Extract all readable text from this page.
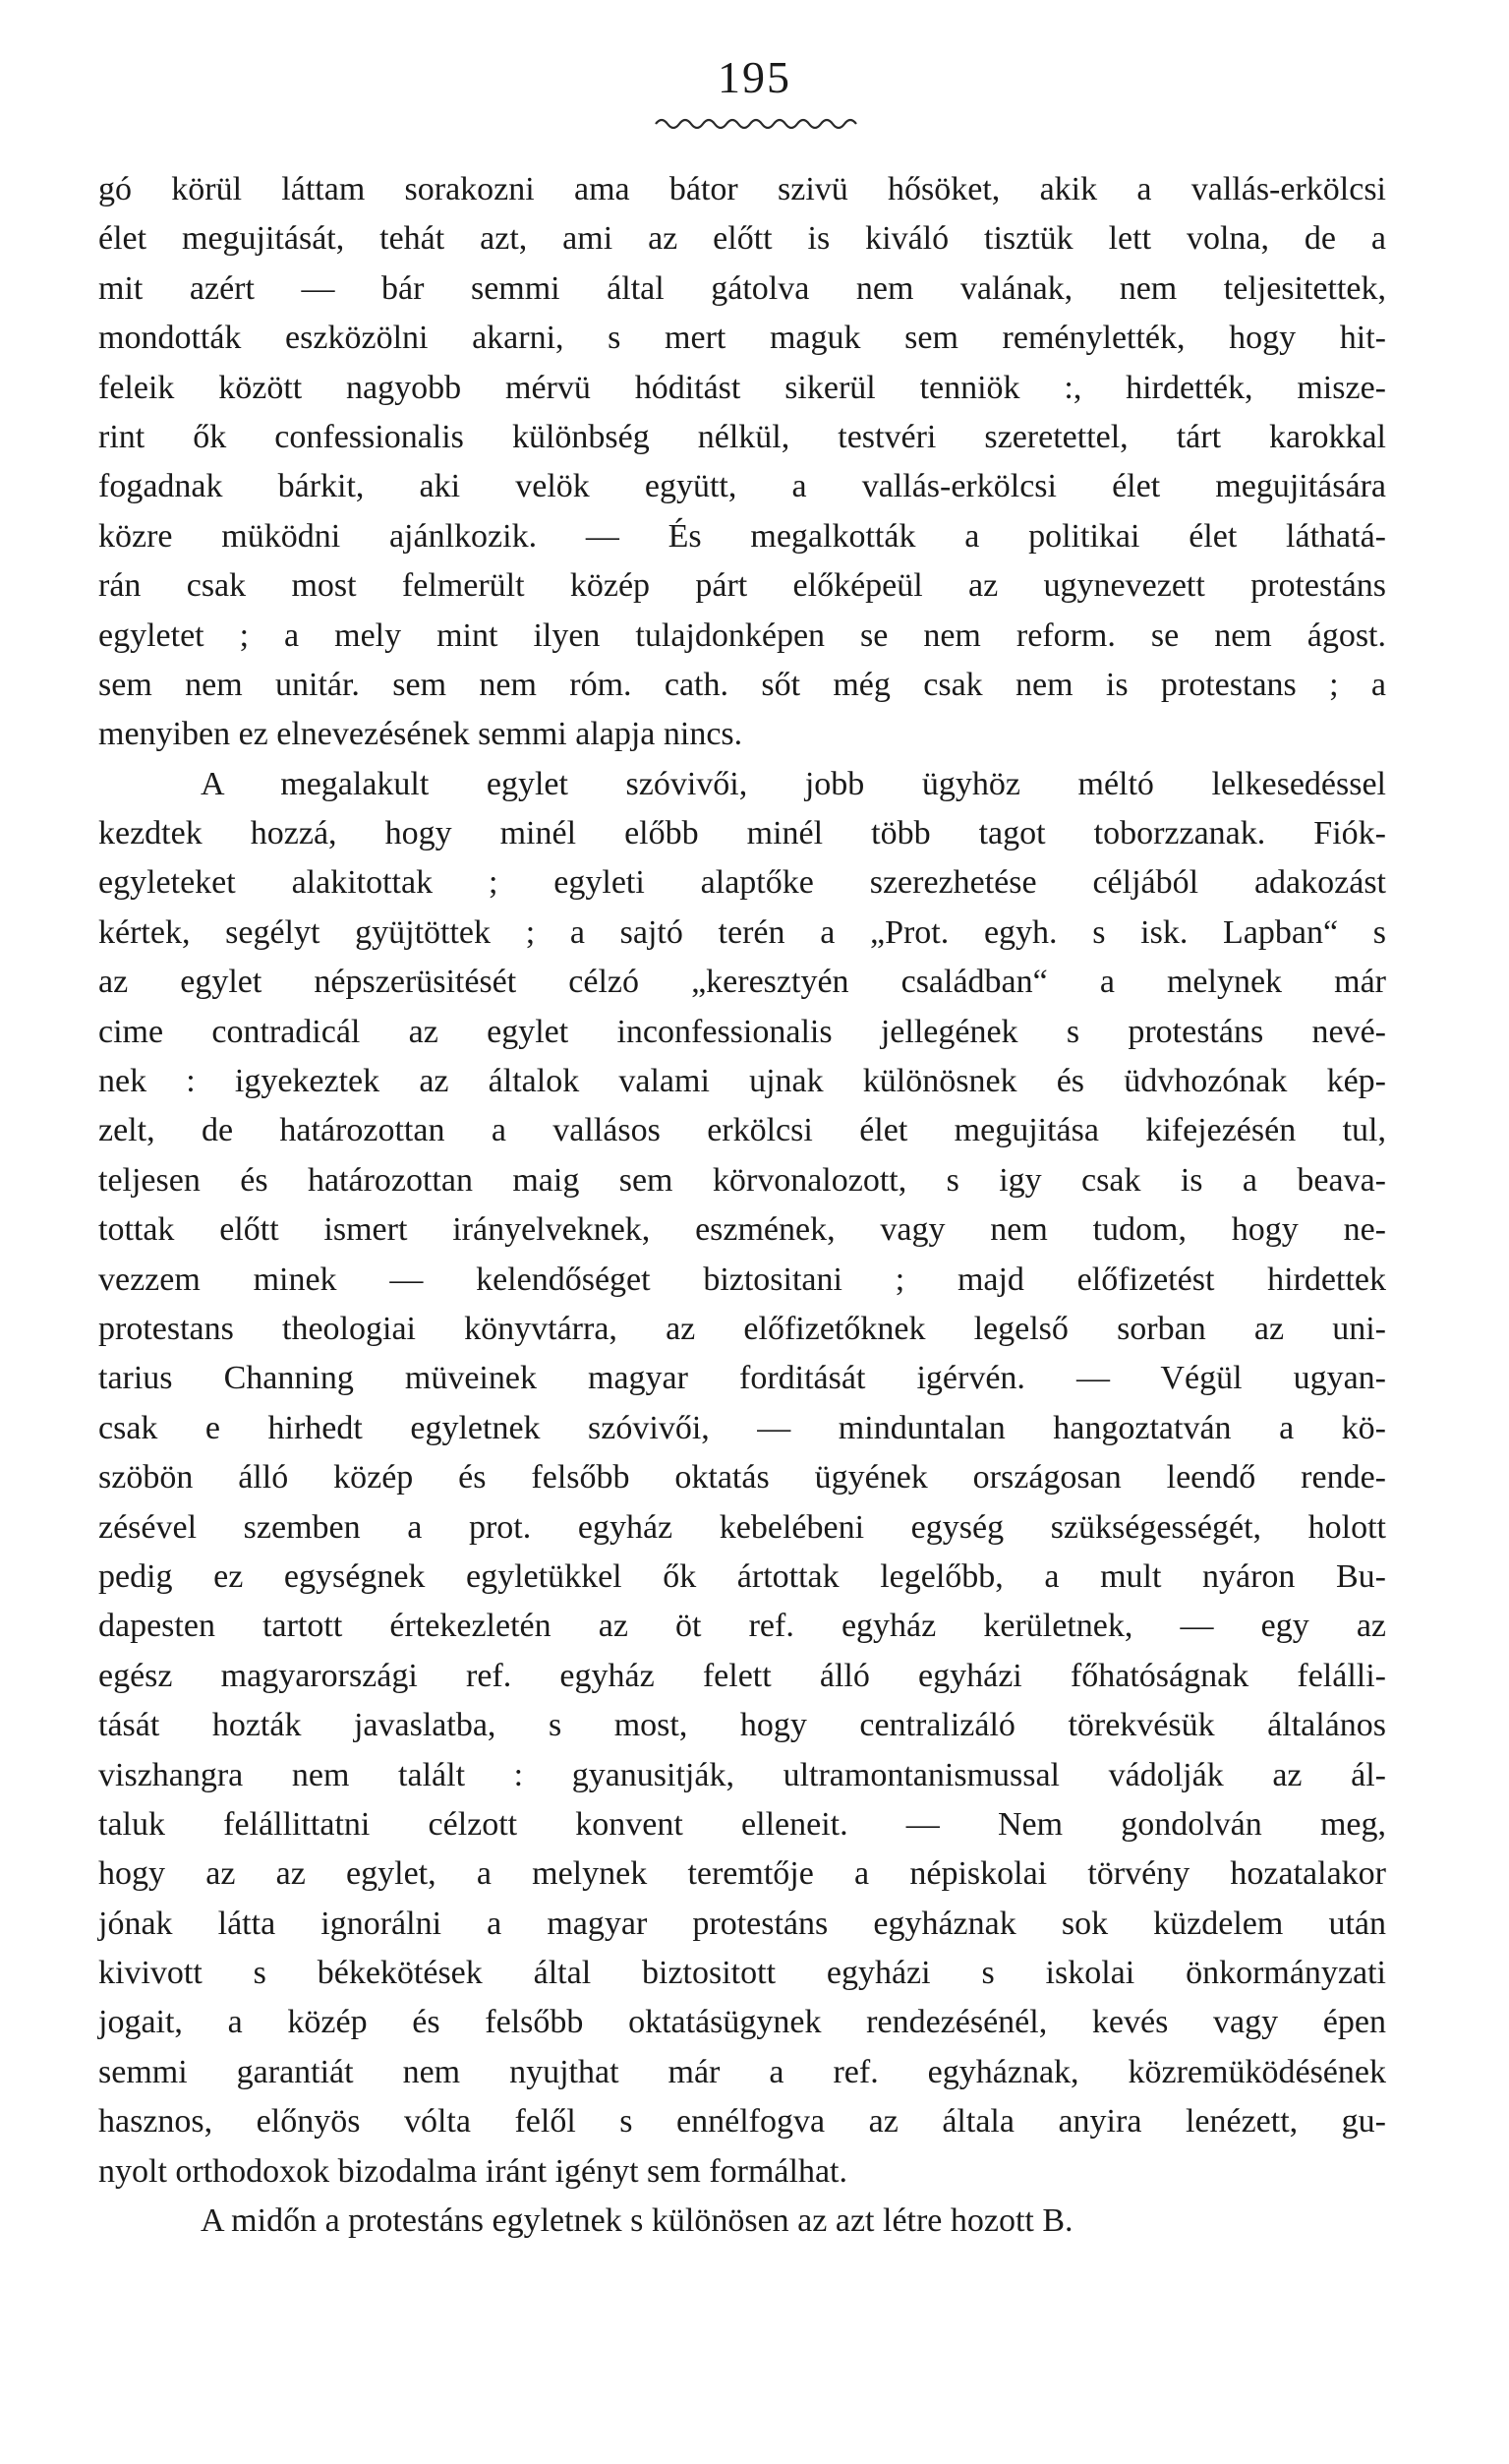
195
gó körül láttam sorakozni ama bátor szivü hősöket, akik a vallás-erkölcsi
élet megujitását, tehát azt, ami az előtt is kiváló tisztük lett volna, de a
mit azért — bár semmi által gátolva nem valának, nem teljesitettek,
mondották eszközölni akarni, s mert maguk sem reménylették, hogy hit-
feleik között nagyobb mérvü hóditást sikerül tenniök :, hirdették, misze-
rint ők confessionalis különbség nélkül, testvéri szeretettel, tárt karokkal
fogadnak bárkit, aki velök együtt, a vallás-erkölcsi élet megujitására
közre müködni ajánlkozik. — És megalkották a politikai élet láthatá-
rán csak most felmerült közép párt előképeül az ugynevezett protestáns
egyletet ; a mely mint ilyen tulajdonképen se nem reform. se nem ágost.
sem nem unitár. sem nem róm. cath. sőt még csak nem is protestans ; a
menyiben ez elnevezésének semmi alapja nincs.
A megalakult egylet szóvivői, jobb ügyhöz méltó lelkesedéssel
kezdtek hozzá, hogy minél előbb minél több tagot toborzzanak. Fiók-
egyleteket alakitottak ; egyleti alaptőke szerezhetése céljából adakozást
kértek, segélyt gyüjtöttek ; a sajtó terén a „Prot. egyh. s isk. Lapban“ s
az egylet népszerüsitését célzó „keresztyén családban“ a melynek már
cime contradicál az egylet inconfessionalis jellegének s protestáns nevé-
nek : igyekeztek az általok valami ujnak különösnek és üdvhozónak kép-
zelt, de határozottan a vallásos erkölcsi élet megujitása kifejezésén tul,
teljesen és határozottan maig sem körvonalozott, s igy csak is a beava-
tottak előtt ismert irányelveknek, eszmének, vagy nem tudom, hogy ne-
vezzem minek — kelendőséget biztositani ; majd előfizetést hirdettek
protestans theologiai könyvtárra, az előfizetőknek legelső sorban az uni-
tarius Channing müveinek magyar forditását igérvén. — Végül ugyan-
csak e hirhedt egyletnek szóvivői, — minduntalan hangoztatván a kö-
szöbön álló közép és felsőbb oktatás ügyének országosan leendő rende-
zésével szemben a prot. egyház kebelébeni egység szükségességét, holott
pedig ez egységnek egyletükkel ők ártottak legelőbb, a mult nyáron Bu-
dapesten tartott értekezletén az öt ref. egyház kerületnek, — egy az
egész magyarországi ref. egyház felett álló egyházi főhatóságnak felálli-
tását hozták javaslatba, s most, hogy centralizáló törekvésük általános
viszhangra nem talált : gyanusitják, ultramontanismussal vádolják az ál-
taluk felállittatni célzott konvent elleneit. — Nem gondolván meg,
hogy az az egylet, a melynek teremtője a népiskolai törvény hozatalakor
jónak látta ignorálni a magyar protestáns egyháznak sok küzdelem után
kivivott s békekötések által biztositott egyházi s iskolai önkormányzati
jogait, a közép és felsőbb oktatásügynek rendezésénél, kevés vagy épen
semmi garantiát nem nyujthat már a ref. egyháznak, közremüködésének
hasznos, előnyös vólta felől s ennélfogva az általa anyira lenézett, gu-
nyolt orthodoxok bizodalma iránt igényt sem formálhat.
A midőn a protestáns egyletnek s különösen az azt létre hozott B.
